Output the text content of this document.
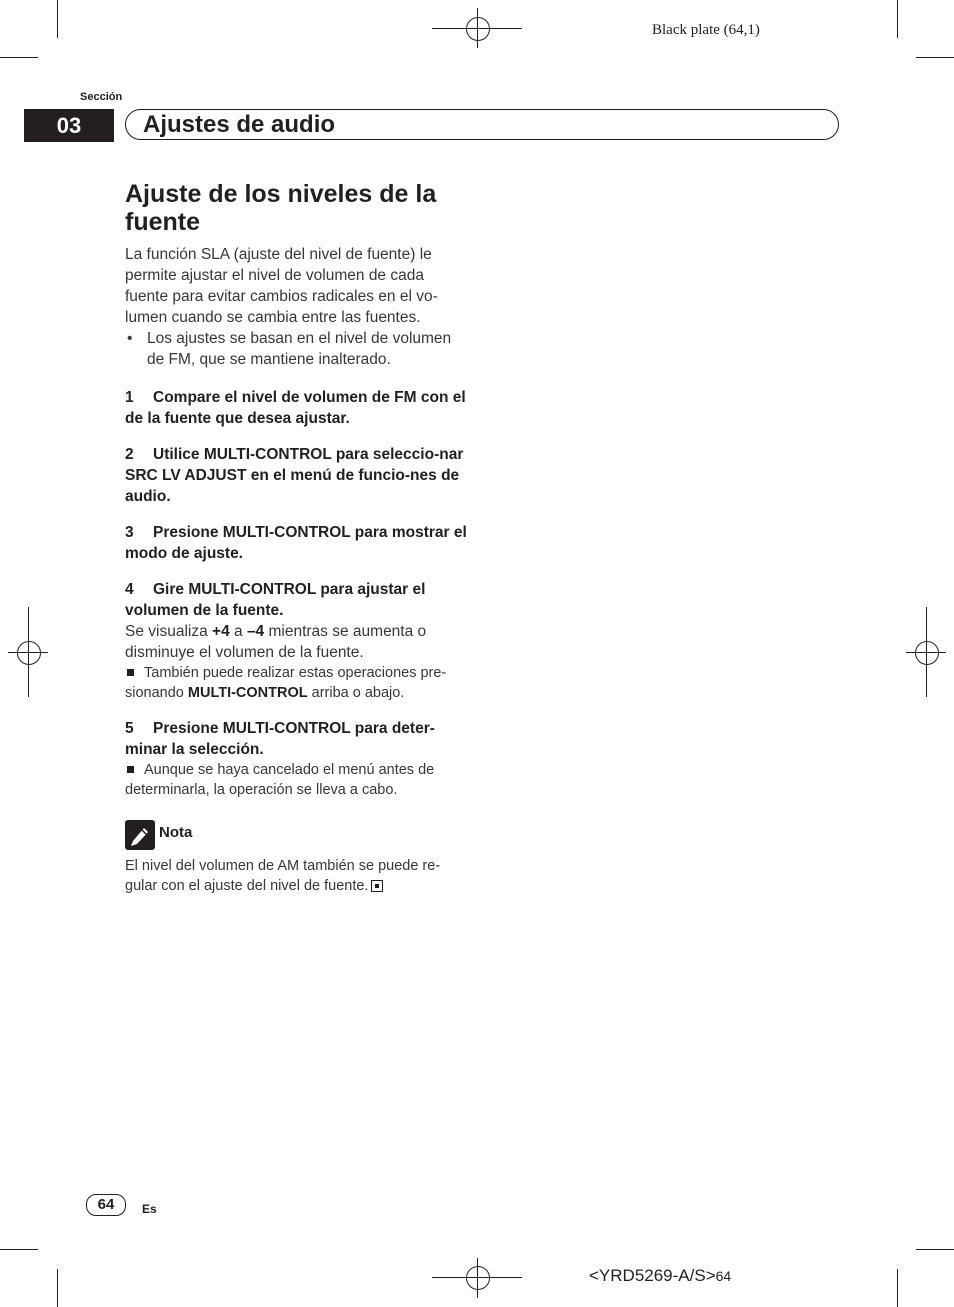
Black plate (64,1)
Sección
03	Ajustes de audio
Ajuste de los niveles de la fuente

La función SLA (ajuste del nivel de fuente) le permite ajustar el nivel de volumen de cada fuente para evitar cambios radicales en el vo-lumen cuando se cambia entre las fuentes.

• Los ajustes se basan en el nivel de volumen de FM, que se mantiene inalterado.

1 Compare el nivel de volumen de FM con el de la fuente que desea ajustar.

2 Utilice MULTI-CONTROL para seleccio-nar SRC LV ADJUST en el menú de funcio-nes de audio.

3 Presione MULTI-CONTROL para mostrar el modo de ajuste.

4 Gire MULTI-CONTROL para ajustar el volumen de la fuente.

Se visualiza +4 a –4 mientras se aumenta o disminuye el volumen de la fuente.

También puede realizar estas operaciones pre-sionando MULTI-CONTROL arriba o abajo.

5 Presione MULTI-CONTROL para deter-minar la selección.

Aunque se haya cancelado el menú antes de determinarla, la operación se lleva a cabo.

Nota

El nivel del volumen de AM también se puede re-gular con el ajuste del nivel de fuente.

64	Es
<YRD5269-A/S>64
